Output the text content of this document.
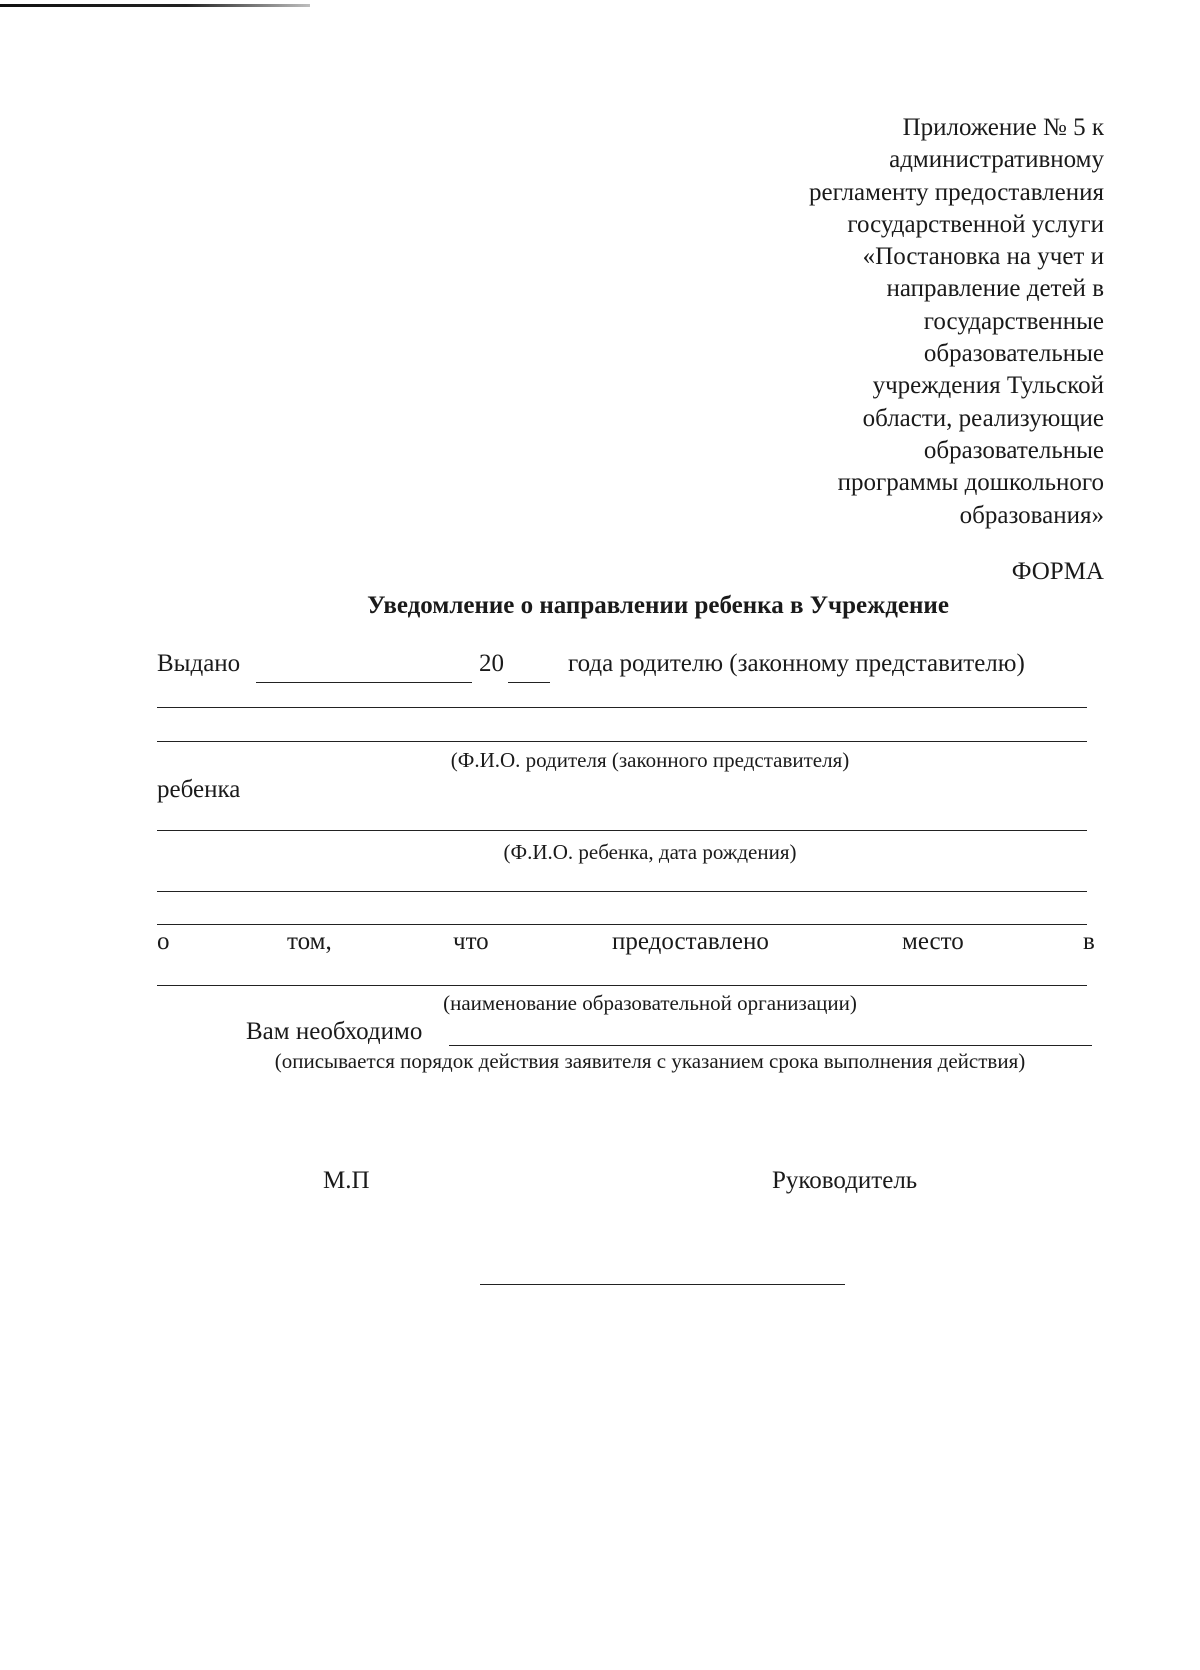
Приложение № 5 к
административному
регламенту предоставления
государственной услуги
«Постановка на учет и
направление детей в
государственные
образовательные
учреждения Тульской
области, реализующие
образовательные
программы дошкольного
образования»
ФОРМА
Уведомление о направлении ребенка в Учреждение
Выдано	20	года родителю (законному представителю)
(Ф.И.О. родителя (законного представителя)
ребенка
(Ф.И.О. ребенка, дата рождения)
о	том,	что	предоставлено	место	в
(наименование образовательной организации)
Вам необходимо
(описывается порядок действия заявителя с указанием срока выполнения действия)
М.П	Руководитель
